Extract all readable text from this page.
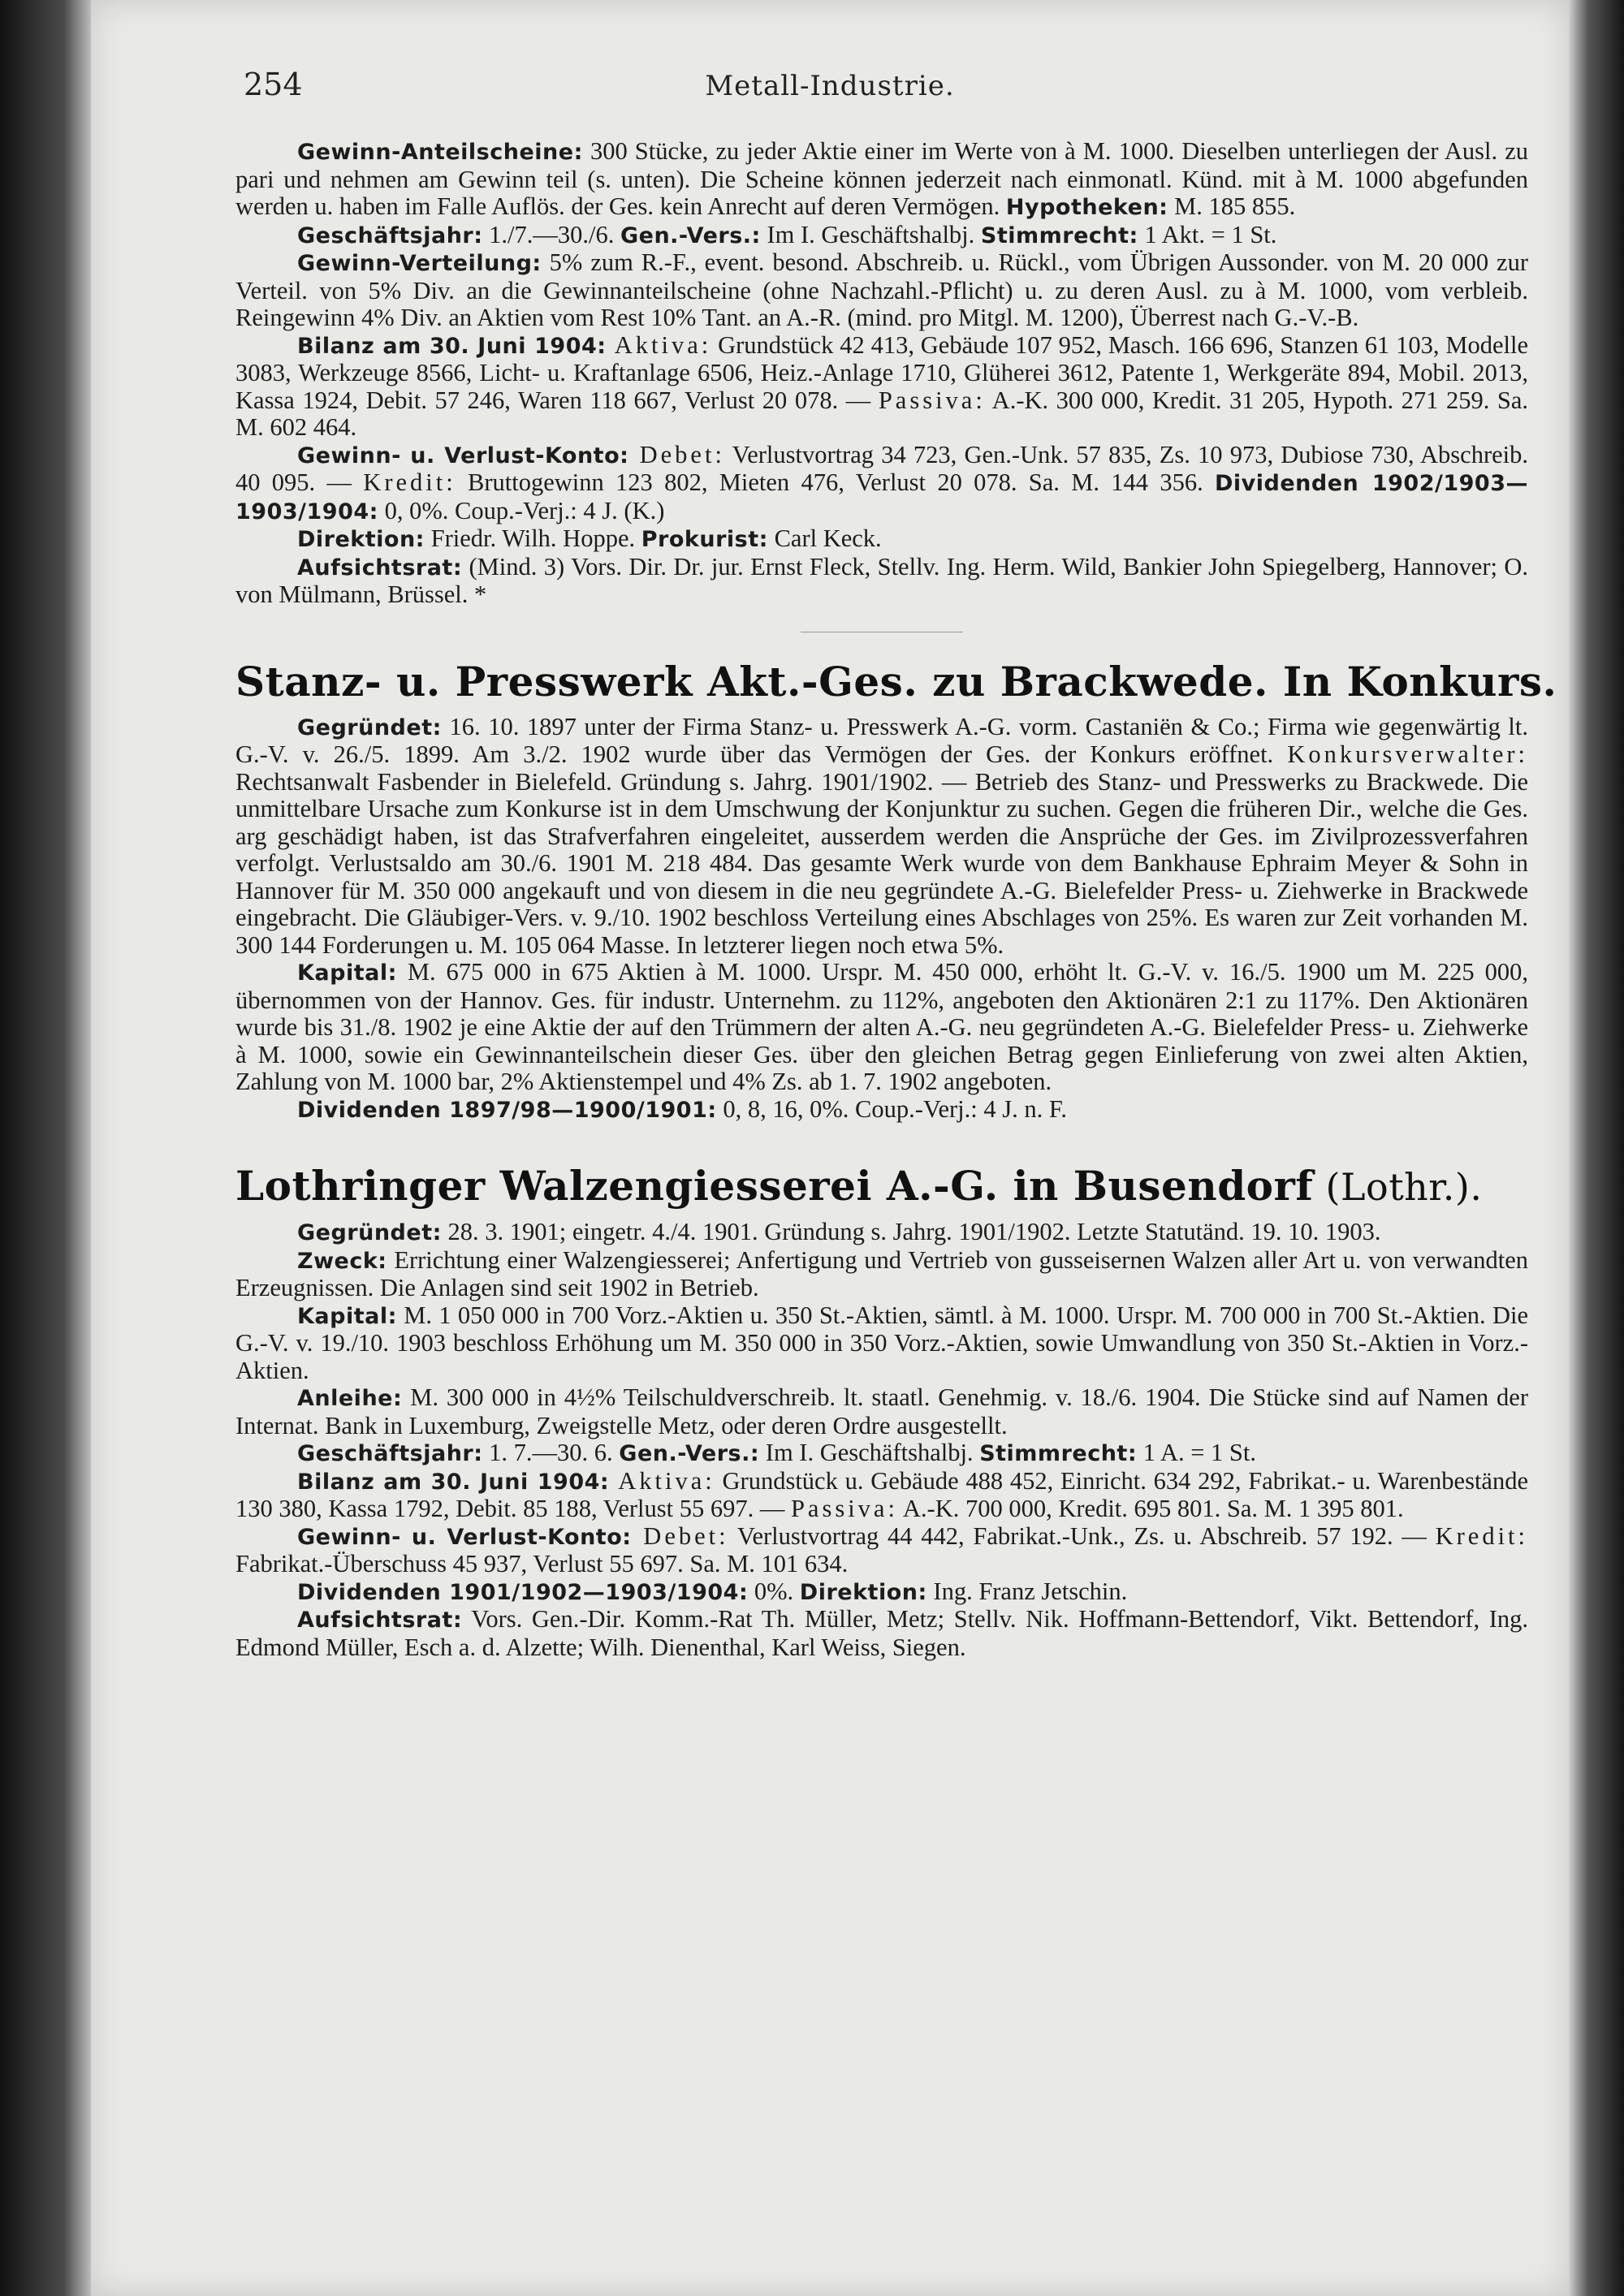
254	Metall-Industrie.

Gewinn-Anteilscheine: 300 Stücke, zu jeder Aktie einer im Werte von à M. 1000. Dieselben unterliegen der Ausl. zu pari und nehmen am Gewinn teil (s. unten). Die Scheine können jederzeit nach einmonatl. Künd. mit à M. 1000 abgefunden werden u. haben im Falle Auflös. der Ges. kein Anrecht auf deren Vermögen. Hypotheken: M. 185 855.

Geschäftsjahr: 1./7.—30./6. Gen.-Vers.: Im I. Geschäftshalbj. Stimmrecht: 1 Akt. = 1 St.

Gewinn-Verteilung: 5% zum R.-F., event. besond. Abschreib. u. Rückl., vom Übrigen Aussonder. von M. 20 000 zur Verteil. von 5% Div. an die Gewinnanteilscheine (ohne Nachzahl.-Pflicht) u. zu deren Ausl. zu à M. 1000, vom verbleib. Reingewinn 4% Div. an Aktien vom Rest 10% Tant. an A.-R. (mind. pro Mitgl. M. 1200), Überrest nach G.-V.-B.

Bilanz am 30. Juni 1904: Aktiva: Grundstück 42 413, Gebäude 107 952, Masch. 166 696, Stanzen 61 103, Modelle 3083, Werkzeuge 8566, Licht- u. Kraftanlage 6506, Heiz.-Anlage 1710, Glüherei 3612, Patente 1, Werkgeräte 894, Mobil. 2013, Kassa 1924, Debit. 57 246, Waren 118 667, Verlust 20 078. — Passiva: A.-K. 300 000, Kredit. 31 205, Hypoth. 271 259. Sa. M. 602 464.

Gewinn- u. Verlust-Konto: Debet: Verlustvortrag 34 723, Gen.-Unk. 57 835, Zs. 10 973, Dubiose 730, Abschreib. 40 095. — Kredit: Bruttogewinn 123 802, Mieten 476, Verlust 20 078. Sa. M. 144 356. Dividenden 1902/1903—1903/1904: 0, 0%. Coup.-Verj.: 4 J. (K.)

Direktion: Friedr. Wilh. Hoppe. Prokurist: Carl Keck.

Aufsichtsrat: (Mind. 3) Vors. Dir. Dr. jur. Ernst Fleck, Stellv. Ing. Herm. Wild, Bankier John Spiegelberg, Hannover; O. von Mülmann, Brüssel. *

Stanz- u. Presswerk Akt.-Ges. zu Brackwede. In Konkurs.

Gegründet: 16. 10. 1897 unter der Firma Stanz- u. Presswerk A.-G. vorm. Castaniën & Co.; Firma wie gegenwärtig lt. G.-V. v. 26./5. 1899. Am 3./2. 1902 wurde über das Vermögen der Ges. der Konkurs eröffnet. Konkursverwalter: Rechtsanwalt Fasbender in Bielefeld. Gründung s. Jahrg. 1901/1902. — Betrieb des Stanz- und Presswerks zu Brackwede. Die unmittelbare Ursache zum Konkurse ist in dem Umschwung der Konjunktur zu suchen. Gegen die früheren Dir., welche die Ges. arg geschädigt haben, ist das Strafverfahren eingeleitet, ausserdem werden die Ansprüche der Ges. im Zivilprozessverfahren verfolgt. Verlustsaldo am 30./6. 1901 M. 218 484. Das gesamte Werk wurde von dem Bankhause Ephraim Meyer & Sohn in Hannover für M. 350 000 angekauft und von diesem in die neu gegründete A.-G. Bielefelder Press- u. Ziehwerke in Brackwede eingebracht. Die Gläubiger-Vers. v. 9./10. 1902 beschloss Verteilung eines Abschlages von 25%. Es waren zur Zeit vorhanden M. 300 144 Forderungen u. M. 105 064 Masse. In letzterer liegen noch etwa 5%.

Kapital: M. 675 000 in 675 Aktien à M. 1000. Urspr. M. 450 000, erhöht lt. G.-V. v. 16./5. 1900 um M. 225 000, übernommen von der Hannov. Ges. für industr. Unternehm. zu 112%, angeboten den Aktionären 2:1 zu 117%. Den Aktionären wurde bis 31./8. 1902 je eine Aktie der auf den Trümmern der alten A.-G. neu gegründeten A.-G. Bielefelder Press- u. Ziehwerke à M. 1000, sowie ein Gewinnanteilschein dieser Ges. über den gleichen Betrag gegen Einlieferung von zwei alten Aktien, Zahlung von M. 1000 bar, 2% Aktienstempel und 4% Zs. ab 1. 7. 1902 angeboten.

Dividenden 1897/98—1900/1901: 0, 8, 16, 0%. Coup.-Verj.: 4 J. n. F.

Lothringer Walzengiesserei A.-G. in Busendorf (Lothr.).

Gegründet: 28. 3. 1901; eingetr. 4./4. 1901. Gründung s. Jahrg. 1901/1902. Letzte Statutänd. 19. 10. 1903.

Zweck: Errichtung einer Walzengiesserei; Anfertigung und Vertrieb von gusseisernen Walzen aller Art u. von verwandten Erzeugnissen. Die Anlagen sind seit 1902 in Betrieb.

Kapital: M. 1 050 000 in 700 Vorz.-Aktien u. 350 St.-Aktien, sämtl. à M. 1000. Urspr. M. 700 000 in 700 St.-Aktien. Die G.-V. v. 19./10. 1903 beschloss Erhöhung um M. 350 000 in 350 Vorz.-Aktien, sowie Umwandlung von 350 St.-Aktien in Vorz.-Aktien.

Anleihe: M. 300 000 in 4½% Teilschuldverschreib. lt. staatl. Genehmig. v. 18./6. 1904. Die Stücke sind auf Namen der Internat. Bank in Luxemburg, Zweigstelle Metz, oder deren Ordre ausgestellt.

Geschäftsjahr: 1. 7.—30. 6. Gen.-Vers.: Im I. Geschäftshalbj. Stimmrecht: 1 A. = 1 St.

Bilanz am 30. Juni 1904: Aktiva: Grundstück u. Gebäude 488 452, Einricht. 634 292, Fabrikat.- u. Warenbestände 130 380, Kassa 1792, Debit. 85 188, Verlust 55 697. — Passiva: A.-K. 700 000, Kredit. 695 801. Sa. M. 1 395 801.

Gewinn- u. Verlust-Konto: Debet: Verlustvortrag 44 442, Fabrikat.-Unk., Zs. u. Abschreib. 57 192. — Kredit: Fabrikat.-Überschuss 45 937, Verlust 55 697. Sa. M. 101 634.

Dividenden 1901/1902—1903/1904: 0%. Direktion: Ing. Franz Jetschin.

Aufsichtsrat: Vors. Gen.-Dir. Komm.-Rat Th. Müller, Metz; Stellv. Nik. Hoffmann-Bettendorf, Vikt. Bettendorf, Ing. Edmond Müller, Esch a. d. Alzette; Wilh. Dienenthal, Karl Weiss, Siegen.
